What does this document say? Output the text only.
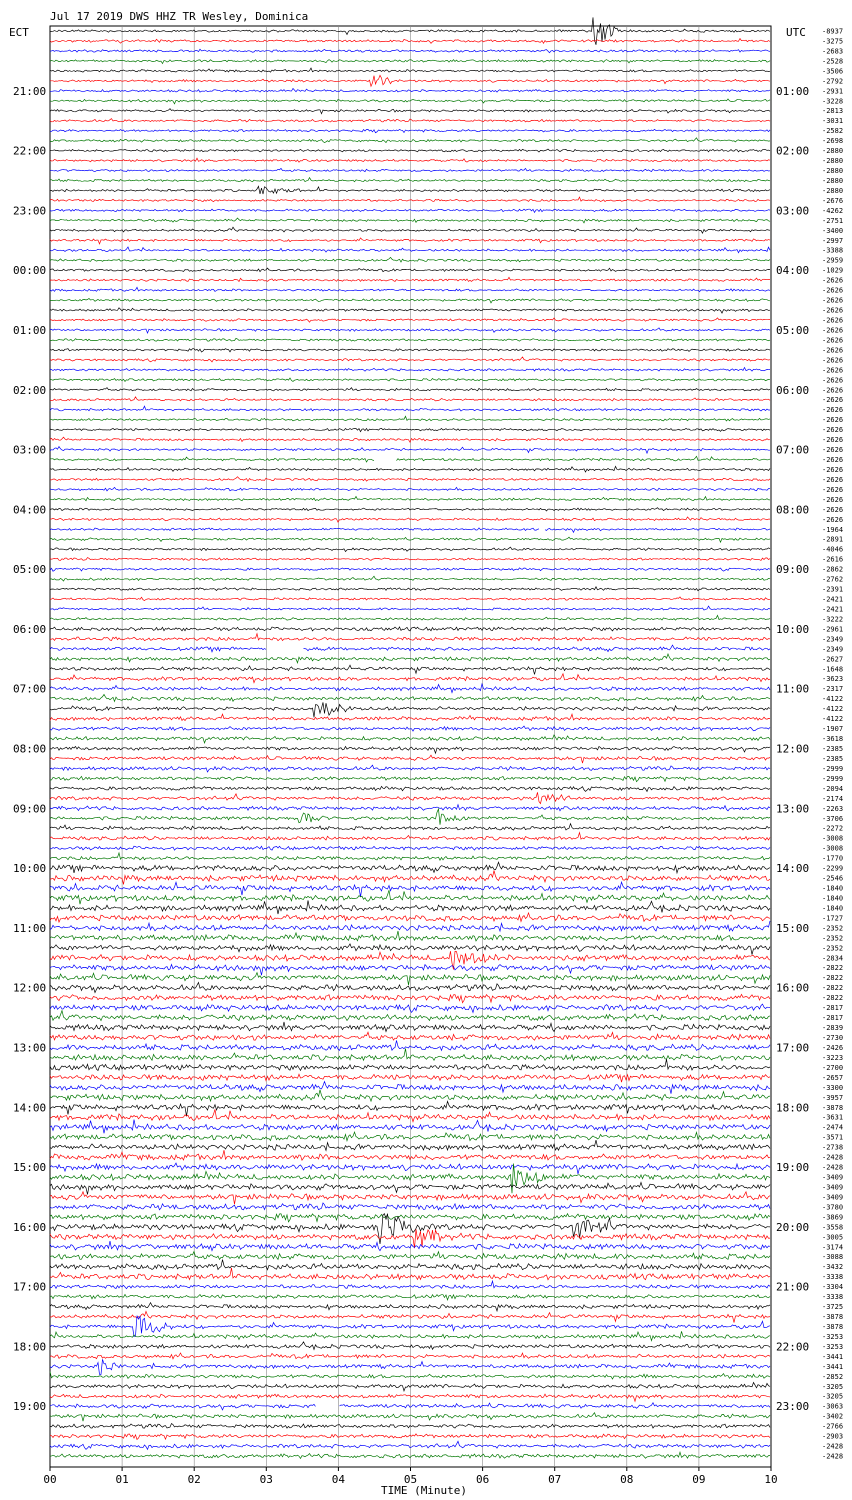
Jul 17 2019 DWS HHZ TR Wesley, Dominica
ECT	UTC
21:00
22:00
23:00
00:00
01:00
02:00
03:00
04:00
05:00
06:00
07:00
08:00
09:00
10:00
11:00
12:00
13:00
14:00
15:00
16:00
17:00
18:00
19:00
01:00
02:00
03:00
04:00
05:00
06:00
07:00
08:00
09:00
10:00
11:00
12:00
13:00
14:00
15:00
16:00
17:00
18:00
19:00
20:00
21:00
22:00
23:00
-8937
-3275
-2683
-2528
-3506
-2792
-2931
-3228
-2813
-3031
-2582
-2698
-2880
-2880
-2880
-2880
-2880
-2676
-4262
-2751
-3400
-2997
-3388
-2959
-1029
-2626
-2626
-2626
-2626
-2626
-2626
-2626
-2626
-2626
-2626
-2626
-2626
-2626
-2626
-2626
-2626
-2626
-2626
-2626
-2626
-2626
-2626
-2626
-2626
-2626
-1964
-2891
-4046
-2616
-2862
-2762
-2391
-2421
-2421
-3222
-2961
-2349
-2349
-2627
-1648
-3623
-2317
-4122
-4122
-4122
-1907
-3618
-2385
-2385
-2999
-2999
-2094
-2174
-2263
-3706
-2272
-3008
-3008
-1770
-2299
-2546
-1840
-1840
-1840
-1727
-2352
-2352
-2352
-2834
-2822
-2822
-2822
-2822
-2817
-2817
-2839
-2730
-2426
-3223
-2700
-2657
-3300
-3957
-3878
-3631
-2474
-3571
-2738
-2428
-2428
-3409
-3409
-3409
-3780
-3869
-3558
-3005
-3174
-3088
-3432
-3338
-3304
-3338
-3725
-3878
-3878
-3253
-3253
-3441
-3441
-2852
-3205
-3205
-3063
-3402
-2766
-2903
-2428
-2428
00	01	02	03	04	05	06	07	08	09	10
TIME (Minute)
